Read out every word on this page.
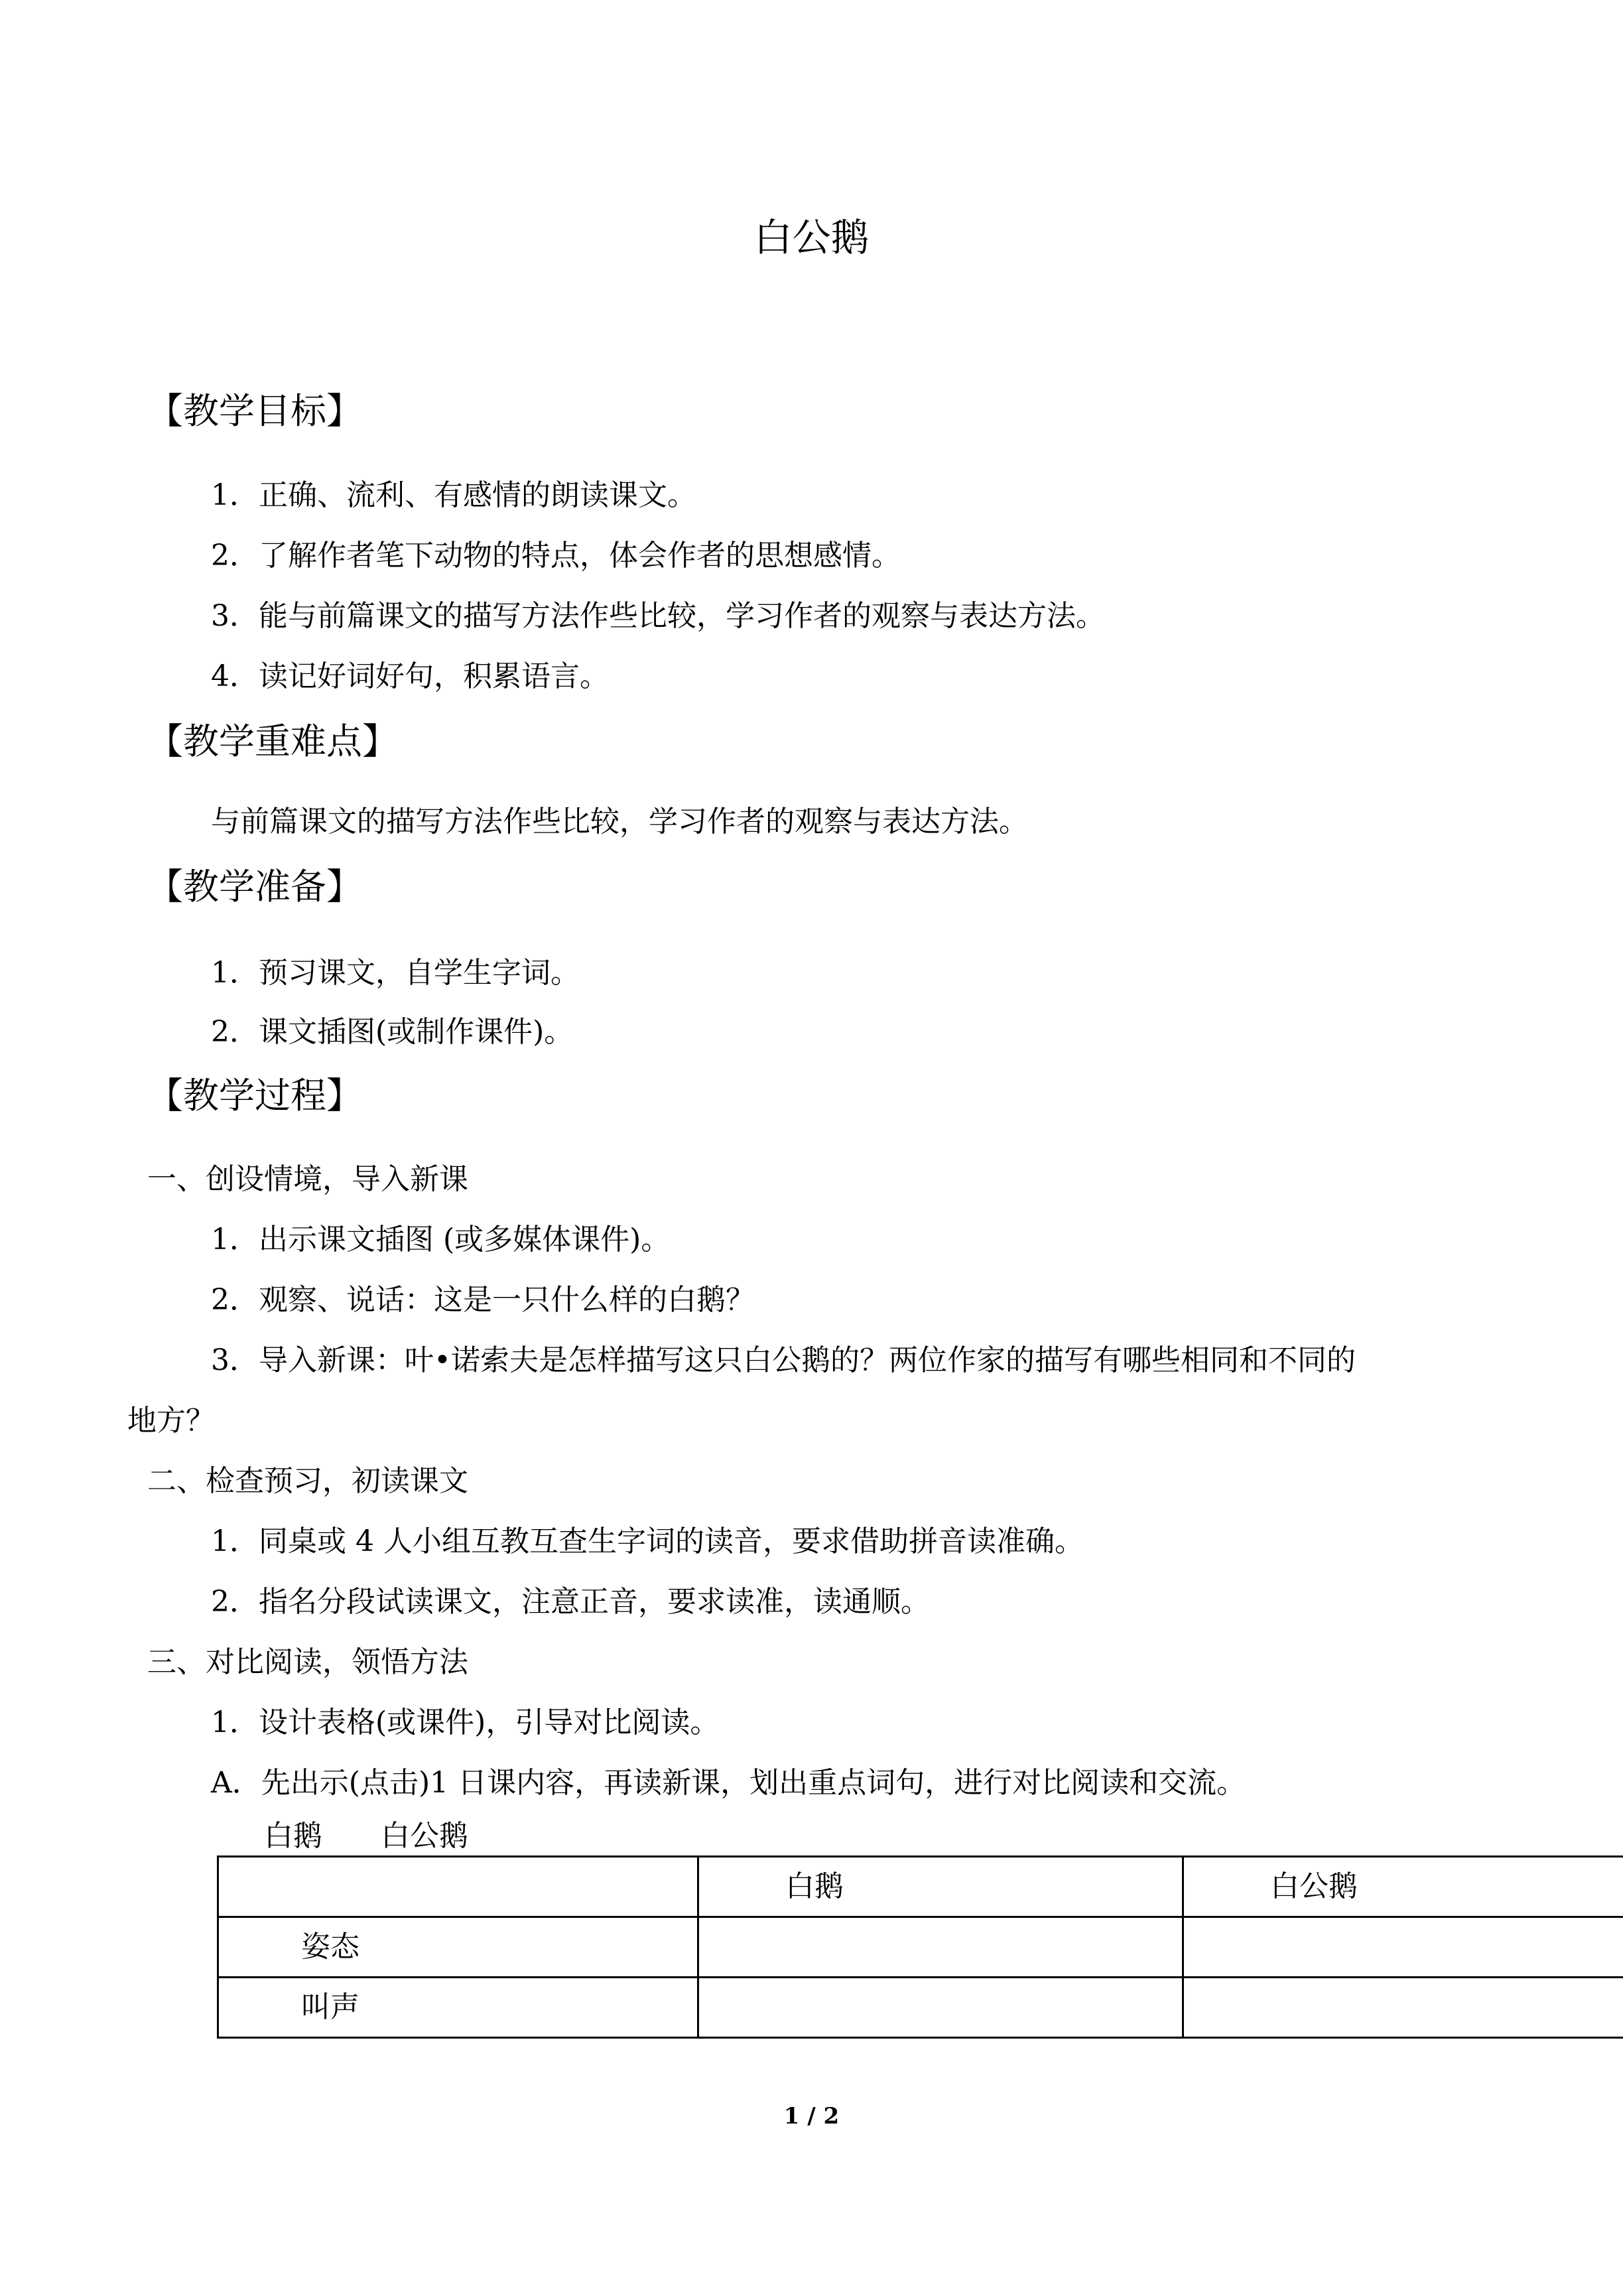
白公鹅
【教学目标】
1．正确、流利、有感情的朗读课文。
2．了解作者笔下动物的特点，体会作者的思想感情。
3．能与前篇课文的描写方法作些比较，学习作者的观察与表达方法。
4．读记好词好句，积累语言。
【教学重难点】
与前篇课文的描写方法作些比较，学习作者的观察与表达方法。
【教学准备】
1．预习课文，自学生字词。
2．课文插图(或制作课件)。
【教学过程】
一、创设情境，导入新课
1．出示课文插图 (或多媒体课件)。
2．观察、说话：这是一只什么样的白鹅？
3．导入新课：叶•诺索夫是怎样描写这只白公鹅的？两位作家的描写有哪些相同和不同的
地方？
二、检查预习，初读课文
1．同桌或 4 人小组互教互查生字词的读音，要求借助拼音读准确。
2．指名分段试读课文，注意正音，要求读准，读通顺。
三、对比阅读，领悟方法
1．设计表格(或课件)，引导对比阅读。
A．先出示(点击)1 日课内容，再读新课，划出重点词句，进行对比阅读和交流。
白鹅 白公鹅
	白鹅	白公鹅
姿态		
叫声		
1 / 2
